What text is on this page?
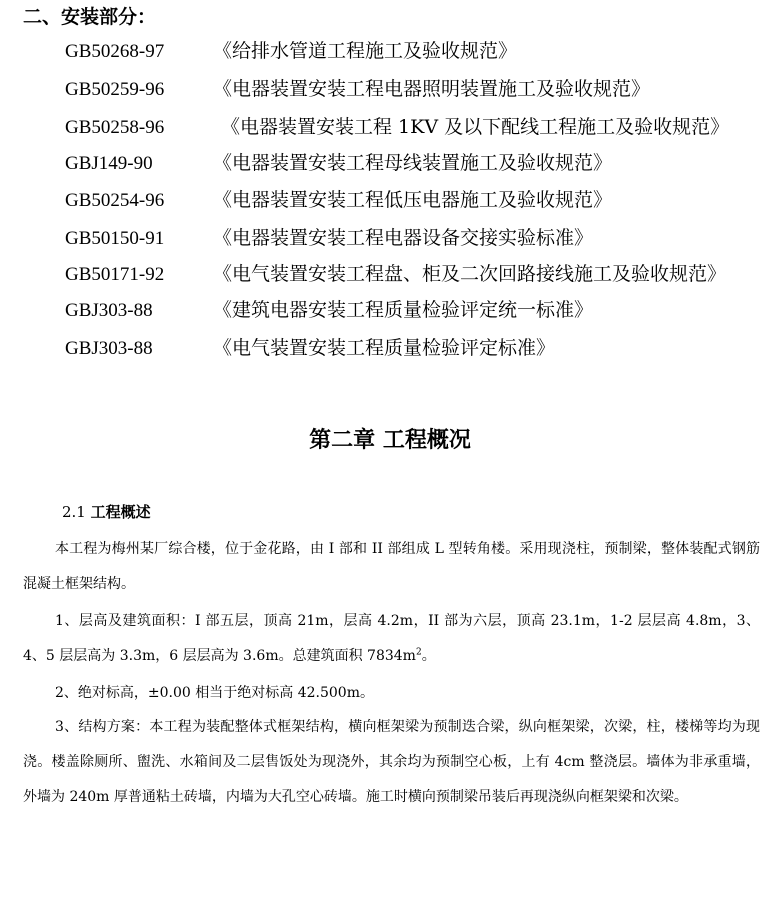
二、安装部分：
GB50268-97	《给排水管道工程施工及验收规范》
GB50259-96	《电器装置安装工程电器照明装置施工及验收规范》
GB50258-96	《电器装置安装工程 1KV 及以下配线工程施工及验收规范》
GBJ149-90	《电器装置安装工程母线装置施工及验收规范》
GB50254-96	《电器装置安装工程低压电器施工及验收规范》
GB50150-91	《电器装置安装工程电器设备交接实验标准》
GB50171-92	《电气装置安装工程盘、柜及二次回路接线施工及验收规范》
GBJ303-88	《建筑电器安装工程质量检验评定统一标准》
GBJ303-88	《电气装置安装工程质量检验评定标准》
第二章 工程概况
2.1 工程概述
本工程为梅州某厂综合楼，位于金花路，由 I 部和 II 部组成 L 型转角楼。采用现浇柱，预制梁，整体装配式钢筋混凝土框架结构。
1、层高及建筑面积：I 部五层，顶高 21m，层高 4.2m，II 部为六层，顶高 23.1m，1-2 层层高 4.8m，3、4、5 层层高为 3.3m，6 层层高为 3.6m。总建筑面积 $7834m^2$。
2、绝对标高，±0.00 相当于绝对标高 42.500m。
3、结构方案：本工程为装配整体式框架结构，横向框架梁为预制迭合梁，纵向框架梁，次梁，柱，楼梯等均为现浇。楼盖除厕所、盥洗、水箱间及二层售饭处为现浇外，其余均为预制空心板，上有 4cm 整浇层。墙体为非承重墙，外墙为 240m 厚普通粘土砖墙，内墙为大孔空心砖墙。施工时横向预制梁吊装后再现浇纵向框架梁和次梁。
